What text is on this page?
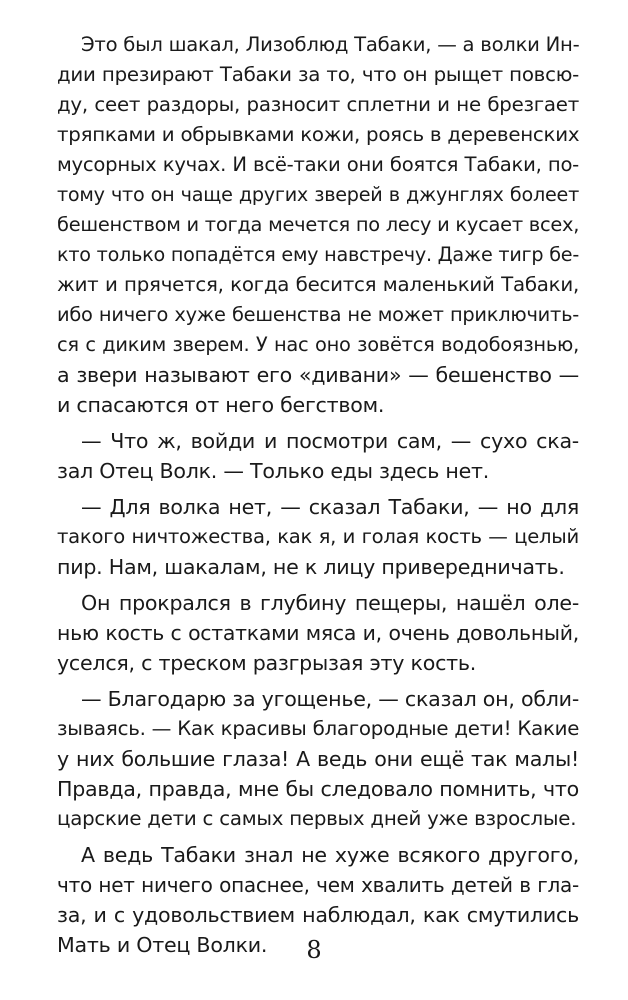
Это был шакал, Лизоблюд Табаки, — а волки Ин-
дии презирают Табаки за то, что он рыщет повсю-
ду, сеет раздоры, разносит сплетни и не брезгает
тряпками и обрывками кожи, роясь в деревенских
мусорных кучах. И всё-таки они боятся Табаки, по-
тому что он чаще других зверей в джунглях болеет
бешенством и тогда мечется по лесу и кусает всех,
кто только попадётся ему навстречу. Даже тигр бе-
жит и прячется, когда бесится маленький Табаки,
ибо ничего хуже бешенства не может приключить-
ся с диким зверем. У нас оно зовётся водобоязнью,
а звери называют его «дивани» — бешенство —
и спасаются от него бегством.
— Что ж, войди и посмотри сам, — сухо ска-
зал Отец Волк. — Только еды здесь нет.
— Для волка нет, — сказал Табаки, — но для
такого ничтожества, как я, и голая кость — целый
пир. Нам, шакалам, не к лицу привередничать.
Он прокрался в глубину пещеры, нашёл оле-
нью кость с остатками мяса и, очень довольный,
уселся, с треском разгрызая эту кость.
— Благодарю за угощенье, — сказал он, обли-
зываясь. — Как красивы благородные дети! Какие
у них большие глаза! А ведь они ещё так малы!
Правда, правда, мне бы следовало помнить, что
царские дети с самых первых дней уже взрослые.
А ведь Табаки знал не хуже всякого другого,
что нет ничего опаснее, чем хвалить детей в гла-
за, и с удовольствием наблюдал, как смутились
Мать и Отец Волки.	8
